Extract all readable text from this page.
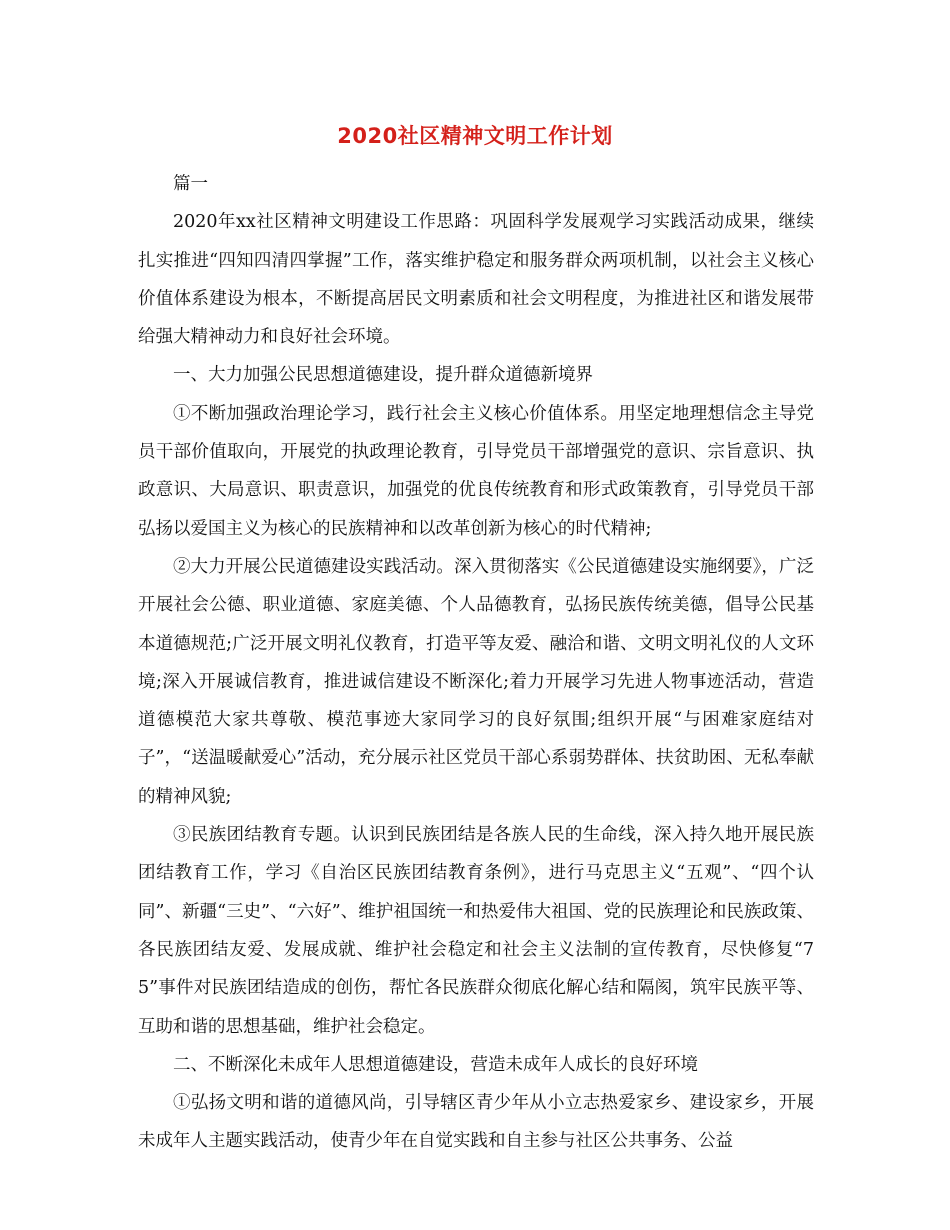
2020社区精神文明工作计划

篇一

2020年xx社区精神文明建设工作思路：巩固科学发展观学习实践活动成果，继续扎实推进“四知四清四掌握”工作，落实维护稳定和服务群众两项机制，以社会主义核心价值体系建设为根本，不断提高居民文明素质和社会文明程度，为推进社区和谐发展带给强大精神动力和良好社会环境。

一、大力加强公民思想道德建设，提升群众道德新境界

①不断加强政治理论学习，践行社会主义核心价值体系。用坚定地理想信念主导党员干部价值取向，开展党的执政理论教育，引导党员干部增强党的意识、宗旨意识、执政意识、大局意识、职责意识，加强党的优良传统教育和形式政策教育，引导党员干部弘扬以爱国主义为核心的民族精神和以改革创新为核心的时代精神;

②大力开展公民道德建设实践活动。深入贯彻落实《公民道德建设实施纲要》，广泛开展社会公德、职业道德、家庭美德、个人品德教育，弘扬民族传统美德，倡导公民基本道德规范;广泛开展文明礼仪教育，打造平等友爱、融洽和谐、文明文明礼仪的人文环境;深入开展诚信教育，推进诚信建设不断深化;着力开展学习先进人物事迹活动，营造道德模范大家共尊敬、模范事迹大家同学习的良好氛围;组织开展“与困难家庭结对子”，“送温暖献爱心”活动，充分展示社区党员干部心系弱势群体、扶贫助困、无私奉献的精神风貌;

③民族团结教育专题。认识到民族团结是各族人民的生命线，深入持久地开展民族团结教育工作，学习《自治区民族团结教育条例》，进行马克思主义“五观”、“四个认同”、新疆“三史”、“六好”、维护祖国统一和热爱伟大祖国、党的民族理论和民族政策、各民族团结友爱、发展成就、维护社会稳定和社会主义法制的宣传教育，尽快修复“75”事件对民族团结造成的创伤，帮忙各民族群众彻底化解心结和隔阂，筑牢民族平等、互助和谐的思想基础，维护社会稳定。

二、不断深化未成年人思想道德建设，营造未成年人成长的良好环境

①弘扬文明和谐的道德风尚，引导辖区青少年从小立志热爱家乡、建设家乡，开展未成年人主题实践活动，使青少年在自觉实践和自主参与社区公共事务、公益
